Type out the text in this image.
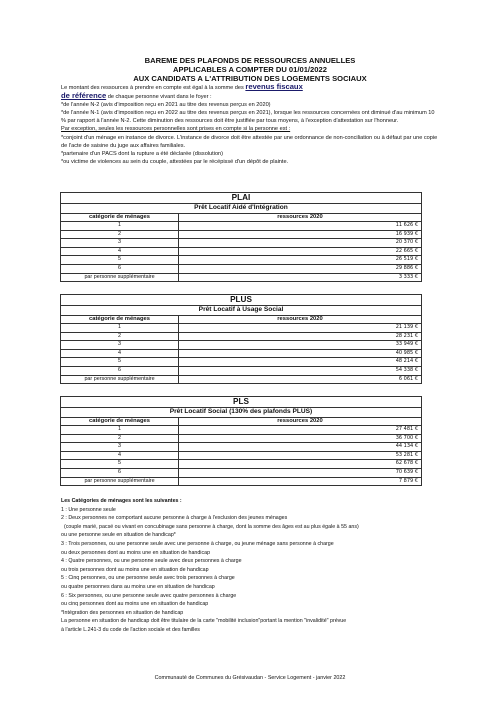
BAREME DES PLAFONDS DE RESSOURCES ANNUELLES
APPLICABLES A COMPTER DU 01/01/2022
AUX CANDIDATS A L'ATTRIBUTION DES LOGEMENTS SOCIAUX
Le montant des ressources à prendre en compte est égal à la somme des revenus fiscaux
de référence de chaque personne vivant dans le foyer :
*de l'année N-2 (avis d'imposition reçu en 2021 au titre des revenus perçus en 2020)
*de l'année N-1 (avis d'imposition reçu en 2022 au titre des revenus perçus en 2021), lorsque les ressources concernées ont diminué d'au minimum 10 % par rapport à l'année N-2. Cette diminution des ressources doit être justifiée par tous moyens, à l'exception d'attestation sur l'honneur.
Par exception, seules les ressources personnelles sont prises en compte si la personne est :
*conjoint d'un ménage en instance de divorce. L'instance de divorce doit être attestée par une ordonnance de non-conciliation ou à défaut par une copie de l'acte de saisine du juge aux affaires familiales.
*partenaire d'un PACS dont la rupture a été déclarée (dissolution)
*ou victime de violences au sein du couple, attestées par le récépissé d'un dépôt de plainte.
PLAI	
Prêt Locatif Aidé d'Intégration	
catégorie de ménages	ressources 2020
1	11 626 €
2	16 939 €
3	20 370 €
4	22 665 €
5	26 519 €
6	29 886 €
par personne supplémentaire	3 333 €
PLUS	
Prêt Locatif à Usage Social	
catégorie de ménages	ressources 2020
1	21 139 €
2	28 231 €
3	33 949 €
4	40 985 €
5	48 214 €
6	54 338 €
par personne supplémentaire	6 061 €
PLS	
Prêt Locatif Social (130% des plafonds PLUS)	
catégorie de ménages	ressources 2020
1	27 481 €
2	36 700 €
3	44 134 €
4	53 281 €
5	62 678 €
6	70 639 €
par personne supplémentaire	7 879 €
Les Catégories de ménages sont les suivantes :
1 : Une personne seule
2 : Deux personnes ne comportant aucune personne à charge à l'exclusion des jeunes ménages
(couple marié, pacsé ou vivant en concubinage sans personne à charge, dont la somme des âges est au plus égale à 55 ans)
ou une personne seule en situation de handicap*
3 : Trois personnes, ou une personne seule avec une personne à charge, ou jeune ménage sans personne à charge
ou deux personnes dont au moins une en situation de handicap
4 : Quatre personnes, ou une personne seule avec deux personnes à charge
ou trois personnes dont au moins une en situation de handicap
5 : Cinq personnes, ou une personne seule avec trois personnes à charge
ou quatre personnes dans au moins une en situation de handicap
6 : Six personnes, ou une personne seule avec quatre personnes à charge
ou cinq personnes dont au moins une en situation de handicap
*Intégration des personnes en situation de handicap
La personne en situation de handicap doit être titulaire de la carte "mobilité inclusion"portant la mention "invalidité" prévue
à l'article L.241-3 du code de l'action sociale et des familles
Communauté de Communes du Grésivaudan - Service Logement - janvier 2022
